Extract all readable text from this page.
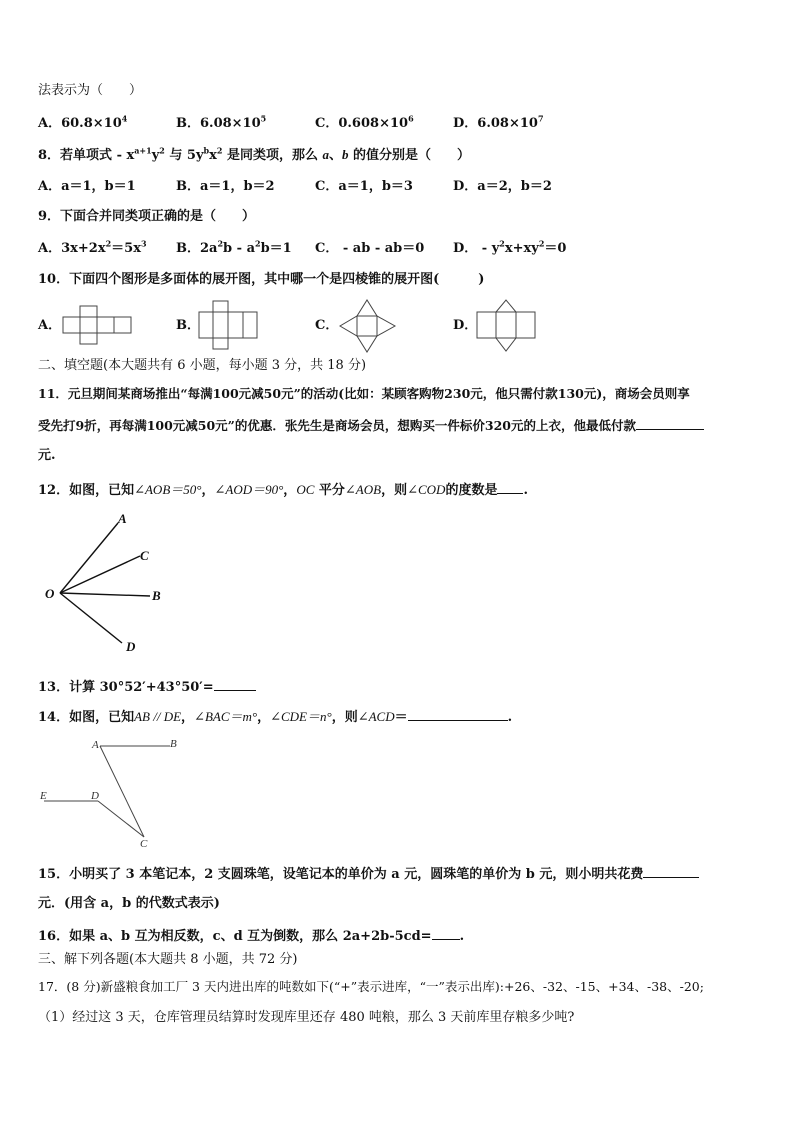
法表示为（　　）
A．$60.8\times 10^4$	B．$6.08\times 10^5$	C．$0.608\times 10^6$	D．$6.08\times 10^7$
8．若单项式 - $x^{a+1}y^2$ 与 $5y^bx^2$ 是同类项，那么 a、b 的值分别是（　　）
A．a＝1，b＝1	B．a＝1，b＝2	C．a＝1，b＝3	D．a＝2，b＝2
9．下面合并同类项正确的是（　　）
A．$3x+2x^2=5x^3$ B．$2a^2b - a^2b=1$ C． - ab - ab＝0 D． - $y^2x+xy^2=0$
10．下面四个图形是多面体的展开图，其中哪一个是四棱锥的展开图(　　　)
A．	B．	C．	D．
二、填空题(本大题共有 6 小题，每小题 3 分，共 18 分)
11．元旦期间某商场推出“每满100元减50元”的活动(比如：某顾客购物230元，他只需付款130元)，商场会员则享
受先打9折，再每满100元减50元”的优惠．张先生是商场会员，想购买一件标价320元的上衣，他最低付款
元.
12．如图，已知∠AOB＝50°，∠AOD＝90°，OC 平分∠AOB，则∠COD的度数是 .
A
C
O	B
D
13．计算 30°52′+43°50′=
14．如图，已知AB // DE，∠BAC＝m°，∠CDE＝n°，则∠ACD＝	.
A	B
E	D
C
15．小明买了 3 本笔记本，2 支圆珠笔，设笔记本的单价为 a 元，圆珠笔的单价为 b 元，则小明共花费
元．(用含 a，b 的代数式表示)
16．如果 a、b 互为相反数，c、d 互为倒数，那么 2a+2b-5cd= .
三、解下列各题(本大题共 8 小题，共 72 分)
17．(8 分)新盛粮食加工厂 3 天内进出库的吨数如下(“+”表示进库，“一”表示出库):+26、-32、-15、+34、-38、-20;
（1）经过这 3 天，仓库管理员结算时发现库里还存 480 吨粮，那么 3 天前库里存粮多少吨?
